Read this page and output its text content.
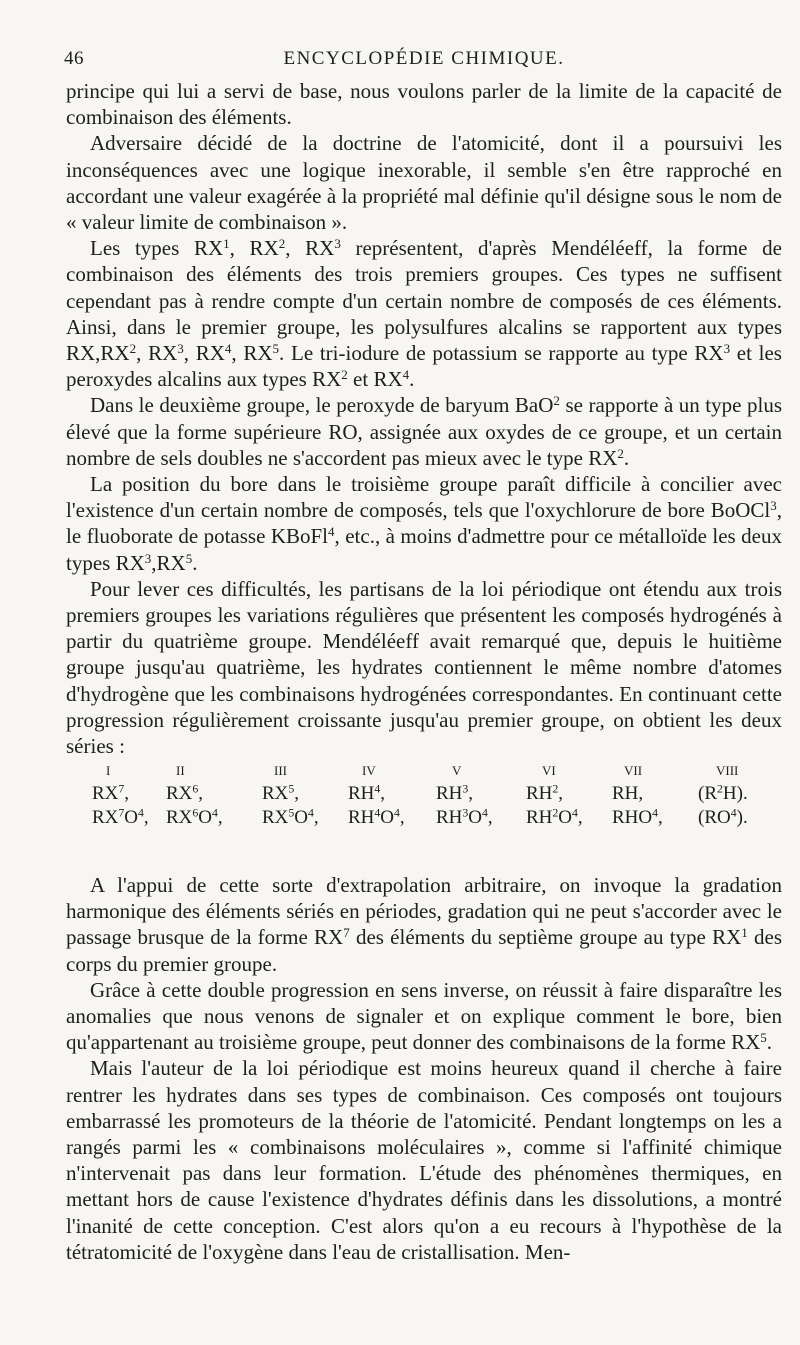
46	ENCYCLOPÉDIE CHIMIQUE.

principe qui lui a servi de base, nous voulons parler de la limite de la capacité de combinaison des éléments.

Adversaire décidé de la doctrine de l'atomicité, dont il a poursuivi les inconséquences avec une logique inexorable, il semble s'en être rapproché en accordant une valeur exagérée à la propriété mal définie qu'il désigne sous le nom de « valeur limite de combinaison ».

Les types $RX^1$, $RX^2$, $RX^3$ représentent, d'après Mendéléeff, la forme de combinaison des éléments des trois premiers groupes. Ces types ne suffisent cependant pas à rendre compte d'un certain nombre de composés de ces éléments. Ainsi, dans le premier groupe, les polysulfures alcalins se rapportent aux types $RX,RX^2$, $RX^3$, $RX^4$, $RX^5$. Le tri-iodure de potassium se rapporte au type $RX^3$ et les peroxydes alcalins aux types $RX^2$ et $RX^4$.

Dans le deuxième groupe, le peroxyde de baryum BaO$^2$ se rapporte à un type plus élevé que la forme supérieure RO, assignée aux oxydes de ce groupe, et un certain nombre de sels doubles ne s'accordent pas mieux avec le type $RX^2$.

La position du bore dans le troisième groupe paraît difficile à concilier avec l'existence d'un certain nombre de composés, tels que l'oxychlorure de bore BoOCl$^3$, le fluoborate de potasse KBoFl$^4$, etc., à moins d'admettre pour ce métalloïde les deux types $RX^3,RX^5$.

Pour lever ces difficultés, les partisans de la loi périodique ont étendu aux trois premiers groupes les variations régulières que présentent les composés hydrogénés à partir du quatrième groupe. Mendéléeff avait remarqué que, depuis le huitième groupe jusqu'au quatrième, les hydrates contiennent le même nombre d'atomes d'hydrogène que les combinaisons hydrogénées correspondantes. En continuant cette progression régulièrement croissante jusqu'au premier groupe, on obtient les deux séries :

I	II	III	IV	V	VI	VII	VIII
$RX^7$,	$RX^6$,	$RX^5$,	$RH^4$,	$RH^3$,	$RH^2$,	RH,	$(R^2H)$.
$RX^7O^4$,	$RX^6O^4$,	$RX^5O^4$,	$RH^4O^4$,	$RH^3O^4$,	$RH^2O^4$,	RHO$^4$,	$(RO^4)$.

A l'appui de cette sorte d'extrapolation arbitraire, on invoque la gradation harmonique des éléments sériés en périodes, gradation qui ne peut s'accorder avec le passage brusque de la forme $RX^7$ des éléments du septième groupe au type $RX^1$ des corps du premier groupe.

Grâce à cette double progression en sens inverse, on réussit à faire disparaître les anomalies que nous venons de signaler et on explique comment le bore, bien qu'appartenant au troisième groupe, peut donner des combinaisons de la forme $RX^5$.

Mais l'auteur de la loi périodique est moins heureux quand il cherche à faire rentrer les hydrates dans ses types de combinaison. Ces composés ont toujours embarrassé les promoteurs de la théorie de l'atomicité. Pendant longtemps on les a rangés parmi les « combinaisons moléculaires », comme si l'affinité chimique n'intervenait pas dans leur formation. L'étude des phénomènes thermiques, en mettant hors de cause l'existence d'hydrates définis dans les dissolutions, a montré l'inanité de cette conception. C'est alors qu'on a eu recours à l'hypothèse de la tétratomicité de l'oxygène dans l'eau de cristallisation. Men-
